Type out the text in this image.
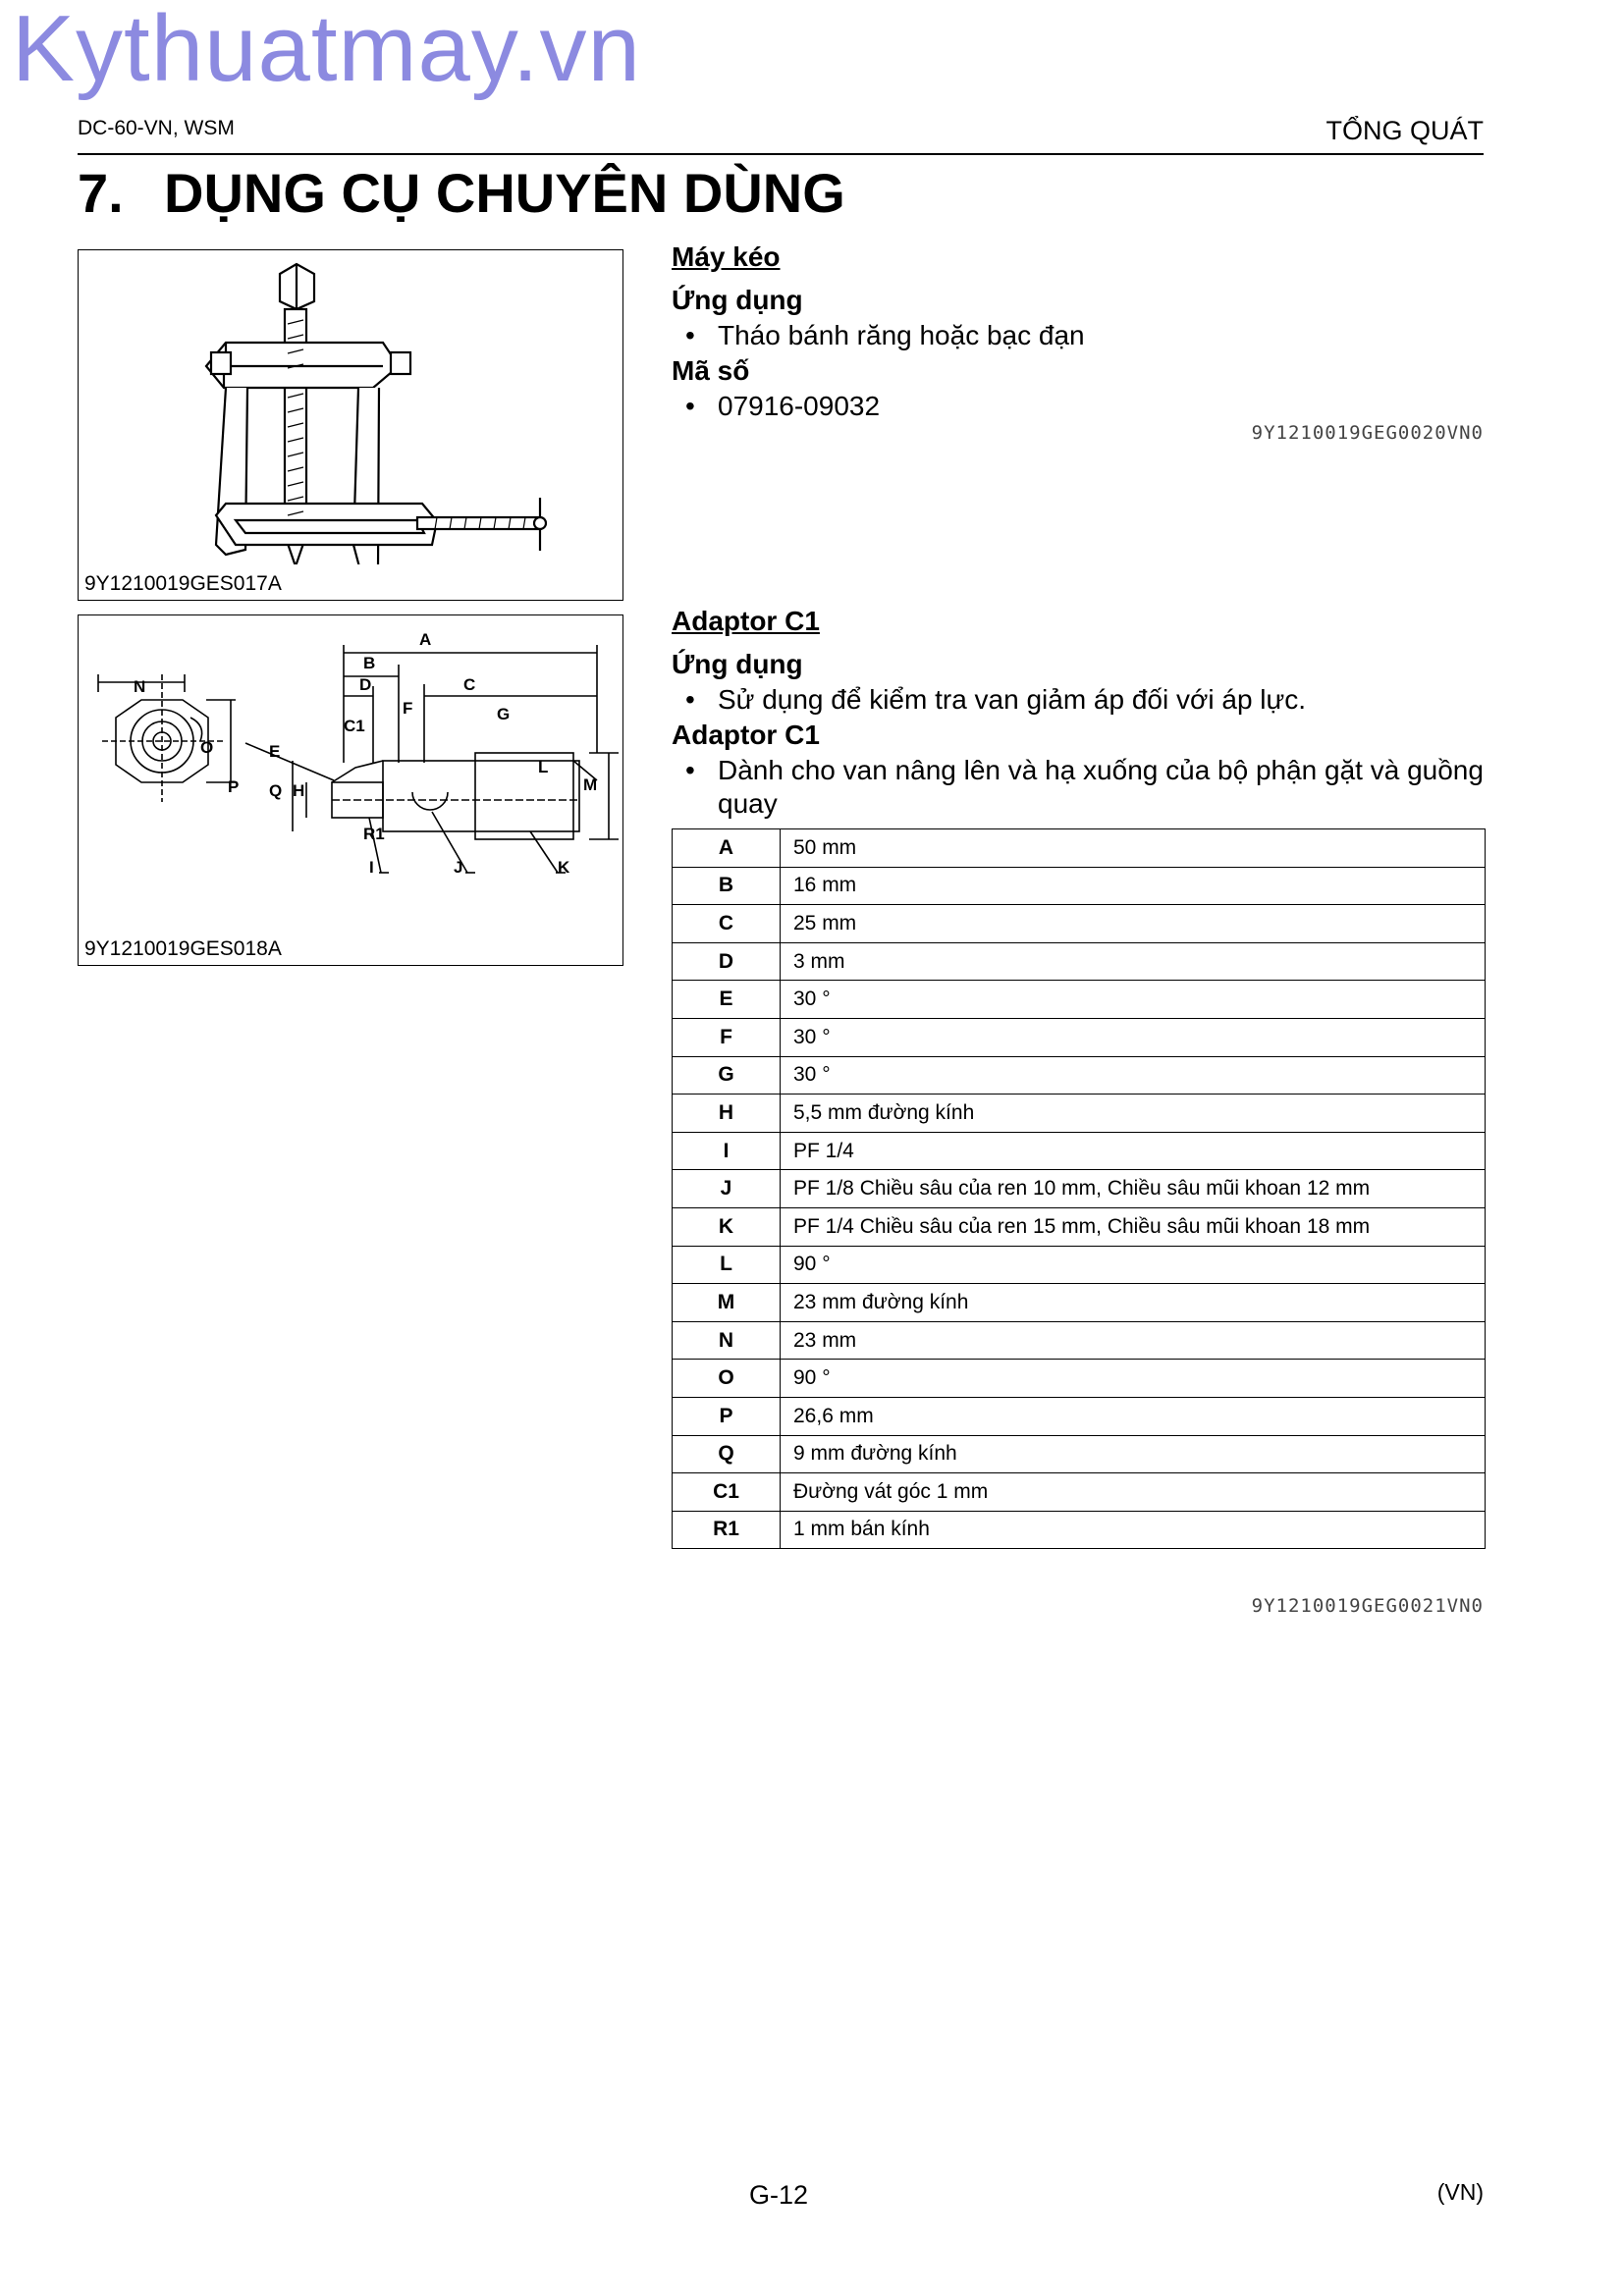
Kythuatmay.vn
DC-60-VN, WSM	TỔNG QUÁT
7. DỤNG CỤ CHUYÊN DÙNG
9Y1210019GES017A
A
B
D	C
N
F	G
C1
E
O
L
P Q H	M
R1
I	J	K
9Y1210019GES018A
Máy kéo
Ứng dụng
• Tháo bánh răng hoặc bạc đạn
Mã số
• 07916-09032
9Y1210019GEG0020VN0
Adaptor C1
Ứng dụng
• Sử dụng để kiểm tra van giảm áp đối với áp lực.
Adaptor C1
• Dành cho van nâng lên và hạ xuống của bộ phận gặt và guồng quay
A	50 mm
B	16 mm
C	25 mm
D	3 mm
E	30 °
F	30 °
G	30 °
H	5,5 mm đường kính
I	PF 1/4
J	PF 1/8 Chiều sâu của ren 10 mm, Chiều sâu mũi khoan 12 mm
K	PF 1/4 Chiều sâu của ren 15 mm, Chiều sâu mũi khoan 18 mm
L	90 °
M	23 mm đường kính
N	23 mm
O	90 °
P	26,6 mm
Q	9 mm đường kính
C1	Đường vát góc 1 mm
R1	1 mm bán kính
9Y1210019GEG0021VN0
G-12	(VN)
